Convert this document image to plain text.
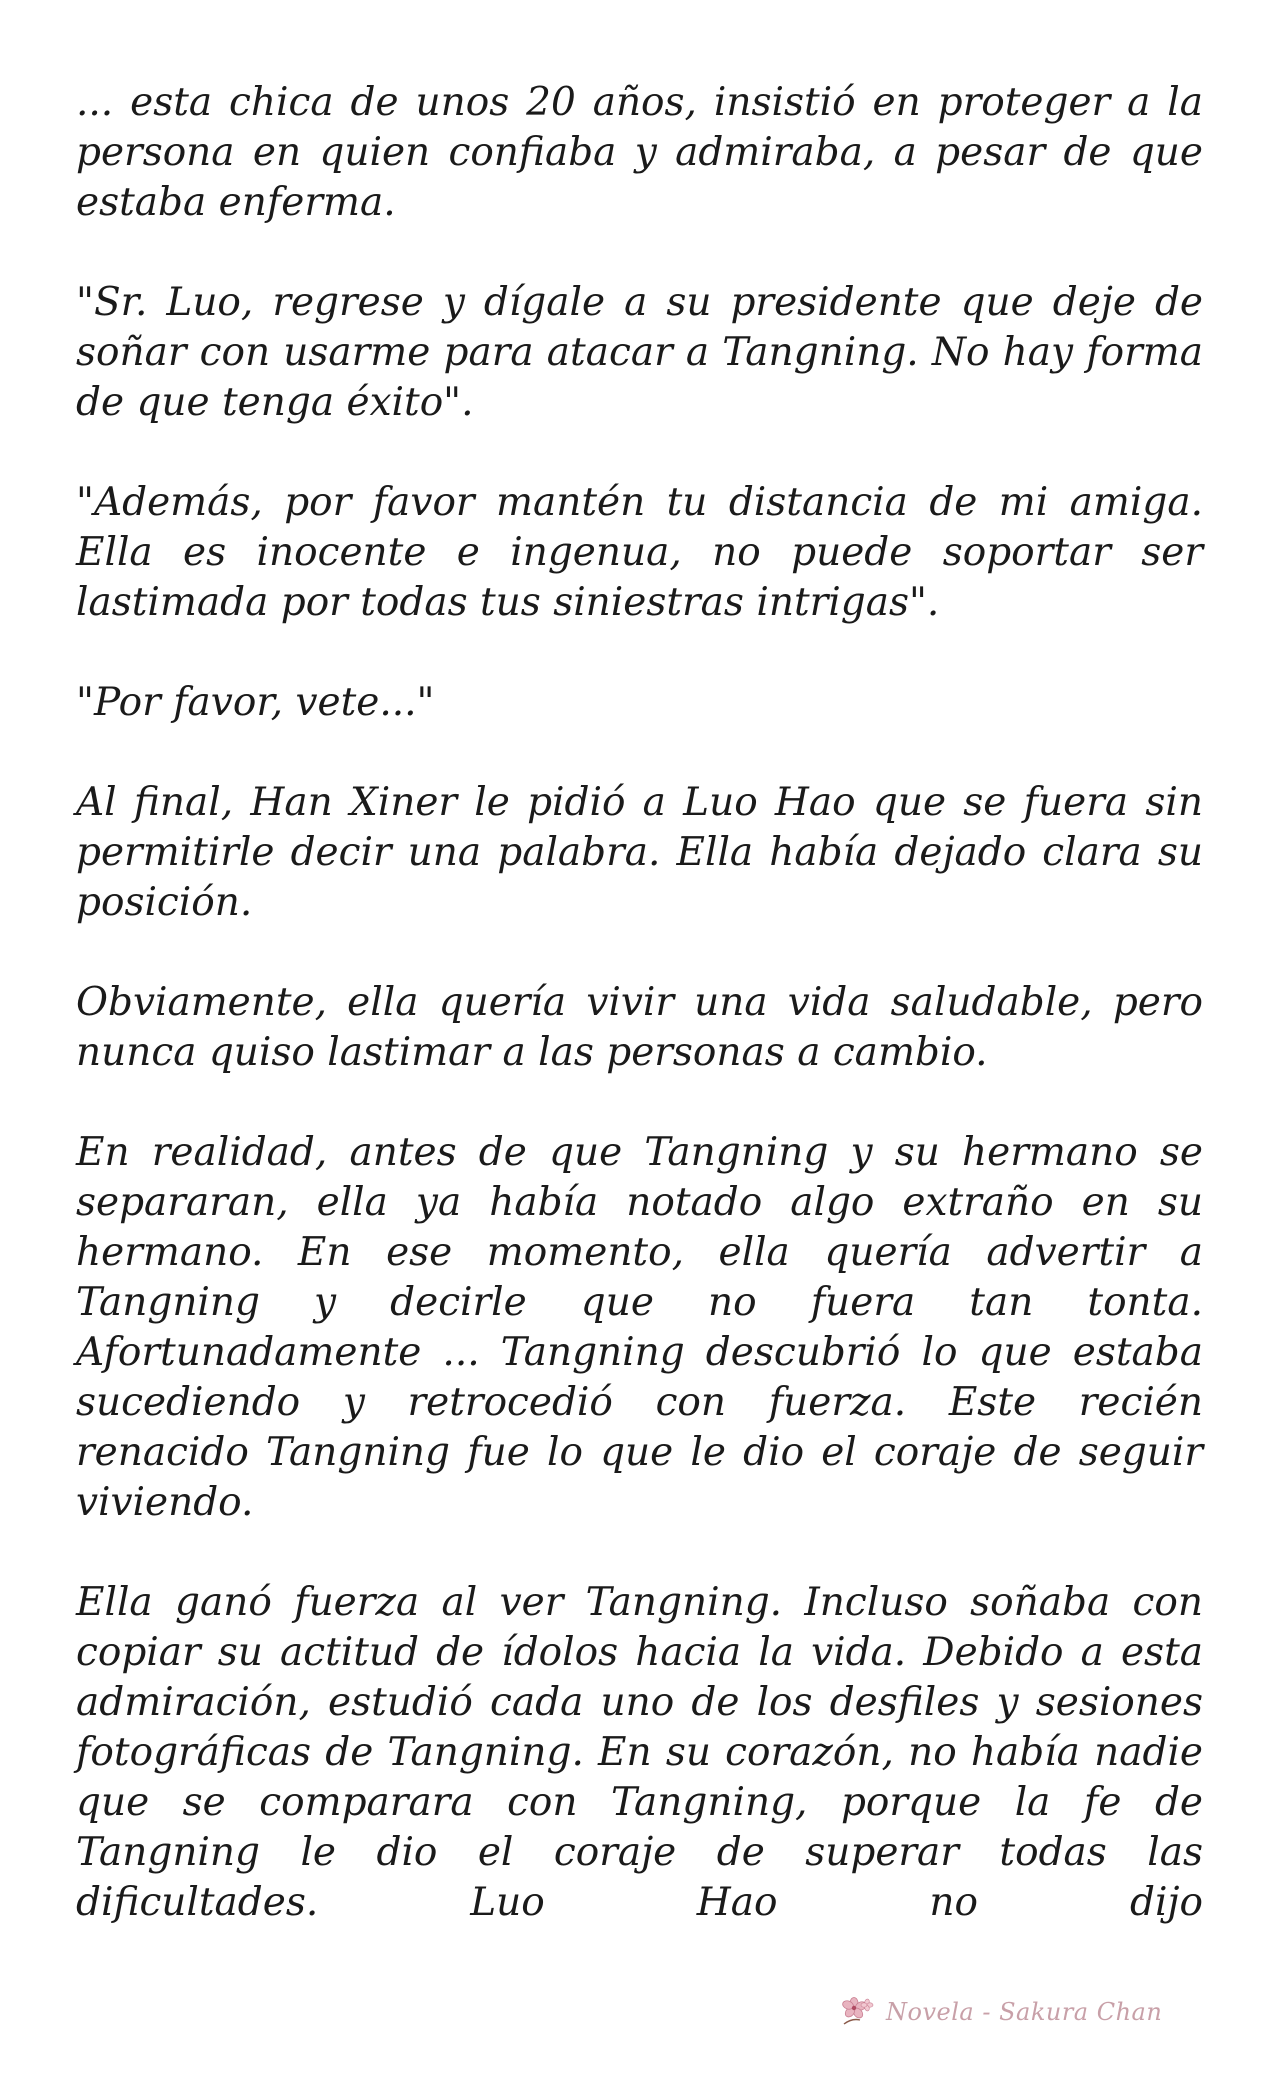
... esta chica de unos 20 años, insistió en proteger a la persona en quien confiaba y admiraba, a pesar de que estaba enferma.

"Sr. Luo, regrese y dígale a su presidente que deje de soñar con usarme para atacar a Tangning. No hay forma de que tenga éxito".

"Además, por favor mantén tu distancia de mi amiga. Ella es inocente e ingenua, no puede soportar ser lastimada por todas tus siniestras intrigas".

"Por favor, vete..."

Al final, Han Xiner le pidió a Luo Hao que se fuera sin permitirle decir una palabra. Ella había dejado clara su posición.

Obviamente, ella quería vivir una vida saludable, pero nunca quiso lastimar a las personas a cambio.

En realidad, antes de que Tangning y su hermano se separaran, ella ya había notado algo extraño en su hermano. En ese momento, ella quería advertir a Tangning y decirle que no fuera tan tonta. Afortunadamente ... Tangning descubrió lo que estaba sucediendo y retrocedió con fuerza. Este recién renacido Tangning fue lo que le dio el coraje de seguir viviendo.

Ella ganó fuerza al ver Tangning. Incluso soñaba con copiar su actitud de ídolos hacia la vida. Debido a esta admiración, estudió cada uno de los desfiles y sesiones fotográficas de Tangning. En su corazón, no había nadie que se comparara con Tangning, porque la fe de Tangning le dio el coraje de superar todas las dificultades. Luo Hao no dijo

Novela - Sakura Chan
